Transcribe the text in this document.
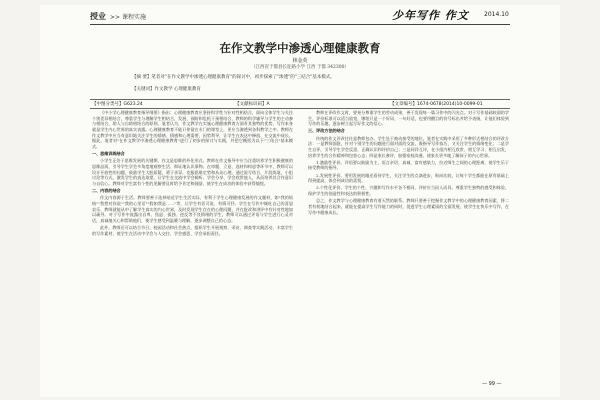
授业 >> 课程实施	少年写作 作文	2014.10
在作文教学中渗透心理健康教育
林金英
（江西省于都县长征路小学 江西 于都 342300）
【摘 要】笔者对"在作文教学中渗透心理健康教育"的探讨中，初步探索了"渗透"的"三结合"基本模式。
【关键词】作文教学 心理健康教育
【中图分类号】G623.24	【文献标识码】A	【文章编号】1674-0678(2014)10-0099-01

《中小学心理健康教育指导纲要》指出：心理健康教育应坚持科学性与针对性相结合，面向全体学生与关注个别差异相结合，尊重学生与理解学生相结合，发展、预防和危机干预相结合，教师的科学辅导与学生的主动参与相结合，助人与自助相结合的原则。笔者认为，作文教学在实施心理健康教育方面有其独特的优势，写作本身就是学生内心世界的真实表露。心理健康教育不能只停留在专门的课堂上，更应当渗透到各科教学之中。教师在作文教学中应当有意识地关注学生的情绪、情感和心理需要，因势利导，让学生在表达中释放、在交流中成长。据此，笔者对"在作文教学中渗透心理健康教育"进行了初步的探讨与实践，并把它概括为以下"三结合"基本模式。

一、思维训练结合

小学生正处于思维发展的关键期，作文是思维的外化形式。教师在作文指导中应当注重培养学生积极健康的思维品质，引导学生学会多角度地观察生活、辩证地认识事物。在审题、立意、选材和构思等环节中，教师可以设计开放性的问题，鼓励学生大胆质疑、勇于求异，克服思维定势和从众心理。通过说写结合、片段练笔、小组讨论等方式，激发学生的表达欲望，让学生在交流中学会倾听、学会分享、学会欣赏他人，从而培养其合作意识与自信心。教师对学生富有个性的见解要及时给予肯定和鼓励，使学生在成功的体验中获得愉悦。

二、内容的结合

作文内容源于生活。教师要善于选择贴近学生生活实际、有利于学生心理健康发展的作文题材，如"我的烦恼""我想对你说""我的心里话""假如我是……"等，让学生有话可说、有情可抒。学生在写作中倾吐自己的喜怒哀乐，教师就能从中了解学生真实的内心世界，及时发现学生存在的心理问题，并在批改和讲评中有针对性地加以疏导。对于写作中流露出自卑、焦虑、孤独、逆反等不良情绪的学生，教师可以通过评语与学生进行心灵对话，真诚地关心和帮助他们，使学生感受到温暖与理解，逐步调整自己的心态。

此外，教师还可以结合节日、校园活动和社会热点，组织学生开展观察、采访、调查等实践活动，丰富学生的写作素材，使学生在活动中学会与人交往、学会感恩、学会承担责任。

教师在评改作文时，要充分尊重学生的劳动成果，善于发现每一篇习作中的闪光点。对于写作基础较弱的学生，评价标准可以适当放宽，哪怕只是一个好词、一句好话，也要用醒目的符号标出并给予表扬，让他们体验到写作的乐趣，逐步树立起写好作文的信心。

三、评改方法的结合

传统的作文评改往往是教师包办，学生处于被动接受的地位。笔者在实践中采用了多种形式相结合的评改方法：一是教师面批，针对个别学生的问题进行面对面的交流，既指导写作技巧，又关注学生的情绪变化；二是学生自评，引导学生学会反思，正确认识和评价自己；三是同伴互评，在小组内相互欣赏、相互学习、相互启发，培养学生的合作精神和包容心态；四是家长参评，加强家校沟通，使家长更多地了解孩子的内心世界。

1.激励性评价。评语要以鼓励为主，语言亲切、真诚，富有感染力，拉近师生之间的心理距离，使学生乐于接受教师的指导。

2.发展性评价。要用发展的眼光看待学生，关注学生的点滴进步，纵向比较，让每个学生都能在原有基础上得到提高，体会到成功的喜悦。

3.个性化评价。学生的个性、兴趣和写作水平各不相同，评价应当因人而异，尊重学生独特的感受和体验，保护学生的创造性和表达的积极性。

总之，作文教学与心理健康教育有着天然的联系。教师只要善于挖掘作文教学中的心理健康教育因素，将二者有机地结合起来，就能在提高学生写作能力的同时，促进学生心理素质的全面发展，使学生在快乐中写作，在写作中健康成长。

— 99 —
